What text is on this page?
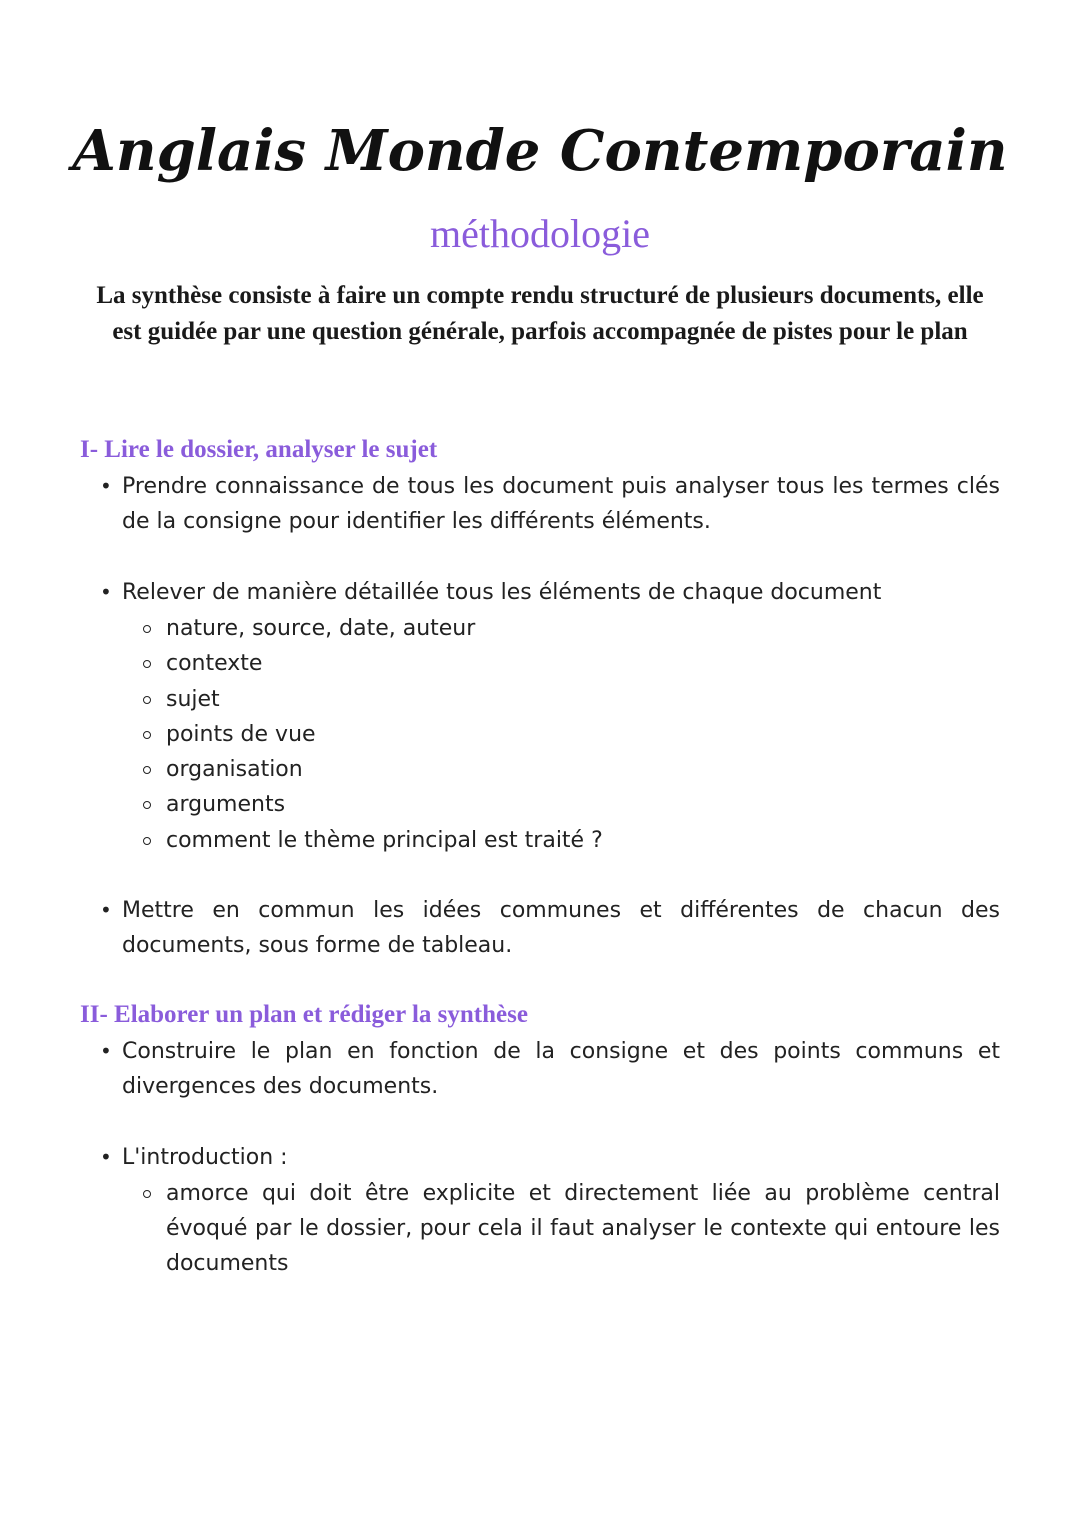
Anglais Monde Contemporain
méthodologie

La synthèse consiste à faire un compte rendu structuré de plusieurs documents, elle est guidée par une question générale, parfois accompagnée de pistes pour le plan

I- Lire le dossier, analyser le sujet
• Prendre connaissance de tous les document puis analyser tous les termes clés de la consigne pour identifier les différents éléments.
• Relever de manière détaillée tous les éléments de chaque document
nature, source, date, auteur
contexte
sujet
points de vue
organisation
arguments
comment le thème principal est traité ?
• Mettre en commun les idées communes et différentes de chacun des documents, sous forme de tableau.
II- Elaborer un plan et rédiger la synthèse
• Construire le plan en fonction de la consigne et des points communs et divergences des documents.
• L'introduction :
amorce qui doit être explicite et directement liée au problème central évoqué par le dossier, pour cela il faut analyser le contexte qui entoure les documents
